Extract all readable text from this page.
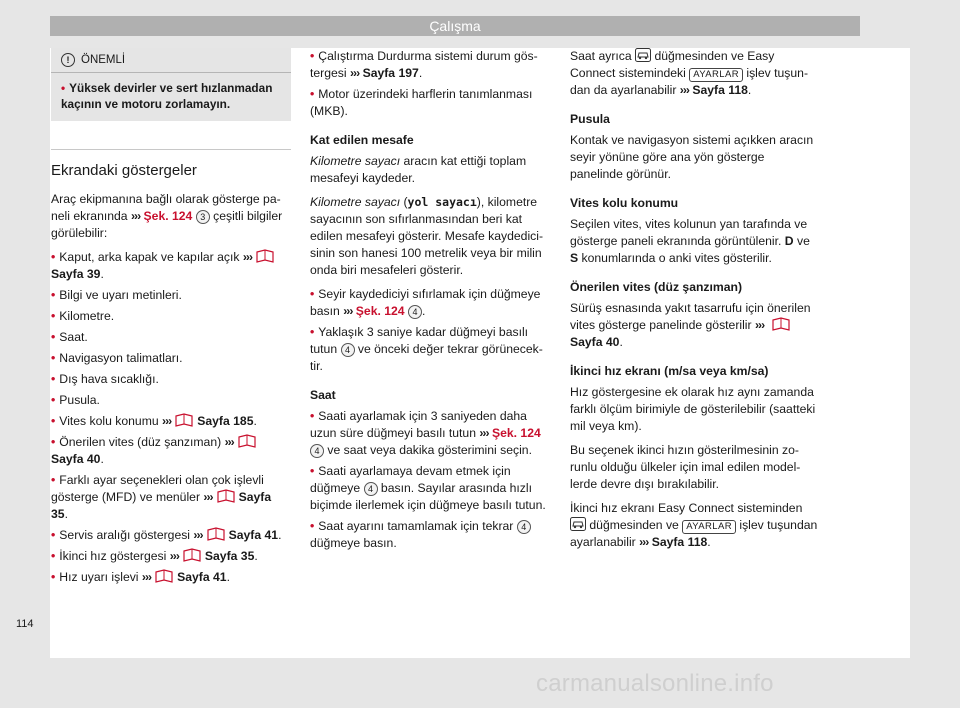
Çalışma
! ÖNEMLİ
• Yüksek devirler ve sert hızlanmadan kaçının ve motoru zorlamayın.
Ekrandaki göstergeler

Araç ekipmanına bağlı olarak gösterge paneli ekranında ››› Şek. 124 3 çeşitli bilgiler görülebilir:

• Kaput, arka kapak ve kapılar açık ›››Sayfa 39.

• Bilgi ve uyarı metinleri.

• Kilometre.

• Saat.

• Navigasyon talimatları.

• Dış hava sıcaklığı.

• Pusula.

• Vites kolu konumu ››› Sayfa 185.

• Önerilen vites (düz şanzıman) ›››Sayfa 40.

• Farklı ayar seçenekleri olan çok işlevli gösterge (MFD) ve menüler ››› Sayfa 35.

• Servis aralığı göstergesi ››› Sayfa 41.

• İkinci hız göstergesi ››› Sayfa 35.

• Hız uyarı işlevi ››› Sayfa 41.

• Çalıştırma Durdurma sistemi durum göstergesi ››› Sayfa 197.

• Motor üzerindeki harflerin tanımlanması (MKB).

Kat edilen mesafe

Kilometre sayacı aracın kat ettiği toplam mesafeyi kaydeder.

Kilometre sayacı (yol sayacı), kilometre sayacının son sıfırlanmasından beri kat edilen mesafeyi gösterir. Mesafe kaydedicisinin son hanesi 100 metrelik veya bir milin onda biri mesafeleri gösterir.

• Seyir kaydediciyi sıfırlamak için düğmeye basın ››› Şek. 124 4 .

• Yaklaşık 3 saniye kadar düğmeyi basılı tutun 4 ve önceki değer tekrar görünecektir.

Saat

• Saati ayarlamak için 3 saniyeden daha uzun süre düğmeyi basılı tutun ››› Şek. 124 4 ve saat veya dakika gösterimini seçin.

• Saati ayarlamaya devam etmek için düğmeye 4 basın. Sayılar arasında hızlı biçimde ilerlemek için düğmeye basılı tutun.

• Saat ayarını tamamlamak için tekrar 4 düğmeye basın.

Saat ayrıca düğmesinden ve Easy Connect sistemindeki AYARLAR işlev tuşundan da ayarlanabilir ››› Sayfa 118.

Pusula

Kontak ve navigasyon sistemi açıkken aracın seyir yönüne göre ana yön gösterge panelinde görünür.

Vites kolu konumu

Seçilen vites, vites kolunun yan tarafında ve gösterge paneli ekranında görüntülenir. D ve S konumlarında o anki vites gösterilir.

Önerilen vites (düz şanzıman)

Sürüş esnasında yakıt tasarrufu için önerilen vites gösterge panelinde gösterilir ›››  Sayfa 40.

İkinci hız ekranı (m/sa veya km/sa)

Hız göstergesine ek olarak hız aynı zamanda farklı ölçüm birimiyle de gösterilebilir (saatteki mil veya km).

Bu seçenek ikinci hızın gösterilmesinin zorunlu olduğu ülkeler için imal edilen modellerde devre dışı bırakılabilir.

İkinci hız ekranı Easy Connect sisteminden  düğmesinden ve AYARLAR işlev tuşundan ayarlanabilir ››› Sayfa 118.

114
carmanualsonline.info
